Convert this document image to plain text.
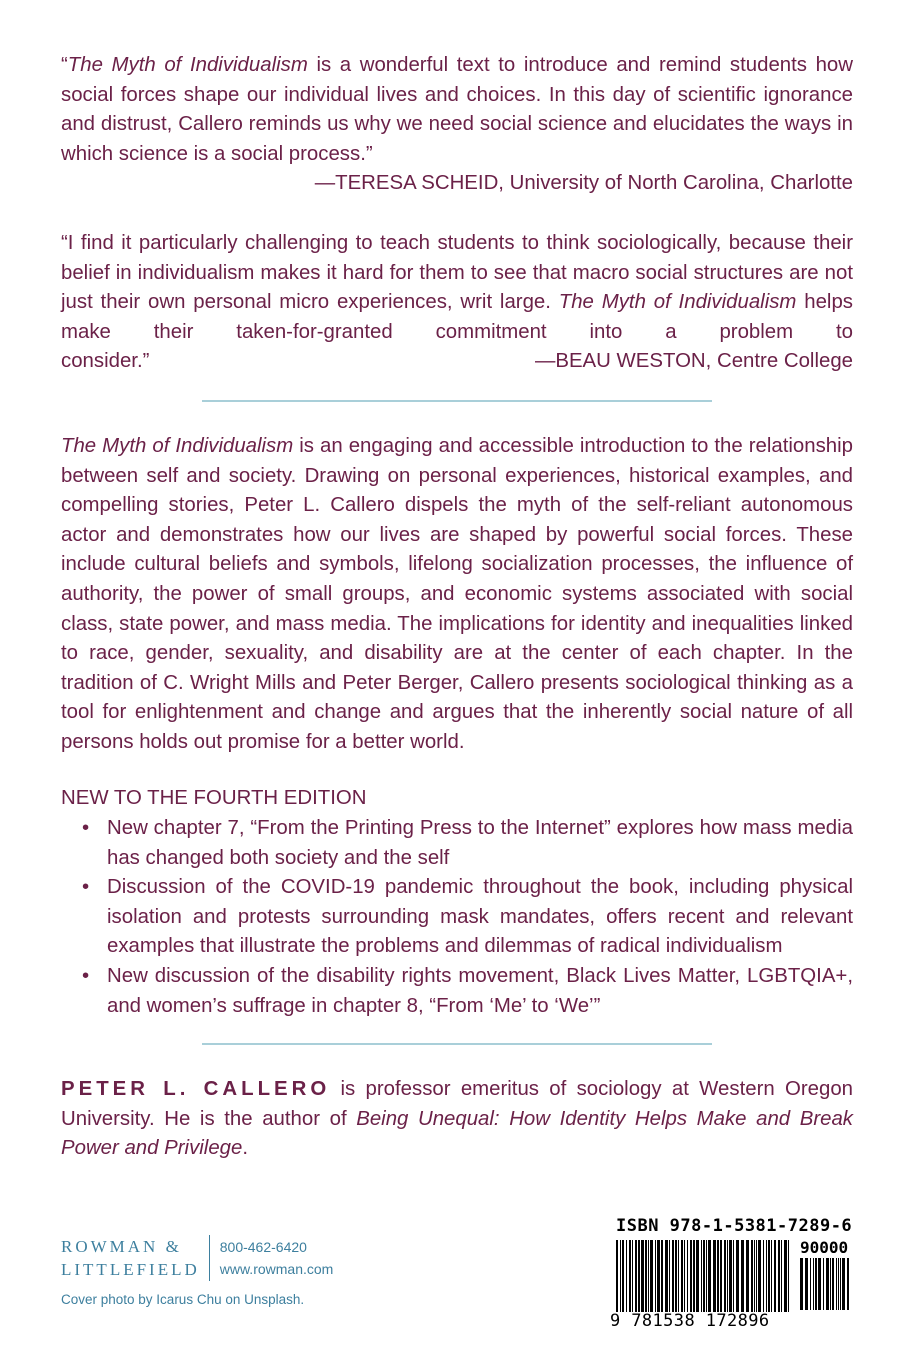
“The Myth of Individualism is a wonderful text to introduce and remind students how social forces shape our individual lives and choices. In this day of scientific ignorance and distrust, Callero reminds us why we need social science and elucidates the ways in which science is a social process.”

—TERESA SCHEID, University of North Carolina, Charlotte

“I find it particularly challenging to teach students to think sociologically, because their belief in individualism makes it hard for them to see that macro social structures are not just their own personal micro experiences, writ large. The Myth of Individualism helps make their taken-for-granted commitment into a problem to

consider.”	—BEAU WESTON, Centre College

The Myth of Individualism is an engaging and accessible introduction to the relationship between self and society. Drawing on personal experiences, historical examples, and compelling stories, Peter L. Callero dispels the myth of the self-reliant autonomous actor and demonstrates how our lives are shaped by powerful social forces. These include cultural beliefs and symbols, lifelong socialization processes, the influence of authority, the power of small groups, and economic systems associated with social class, state power, and mass media. The implications for identity and inequalities linked to race, gender, sexuality, and disability are at the center of each chapter. In the tradition of C. Wright Mills and Peter Berger, Callero presents sociological thinking as a tool for enlightenment and change and argues that the inherently social nature of all persons holds out promise for a better world.

NEW TO THE FOURTH EDITION

• New chapter 7, “From the Printing Press to the Internet” explores how mass media has changed both society and the self
• Discussion of the COVID-19 pandemic throughout the book, including physical isolation and protests surrounding mask mandates, offers recent and relevant examples that illustrate the problems and dilemmas of radical individualism
• New discussion of the disability rights movement, Black Lives Matter, LGBTQIA+, and women’s suffrage in chapter 8, “From ‘Me’ to ‘We’”

PETER L. CALLERO is professor emeritus of sociology at Western Oregon University. He is the author of Being Unequal: How Identity Helps Make and Break Power and Privilege.

ROWMAN &
LITTLEFIELD
800-462-6420
www.rowman.com
Cover photo by Icarus Chu on Unsplash.
ISBN 978-1-5381-7289-6
90000
9 781538 172896
